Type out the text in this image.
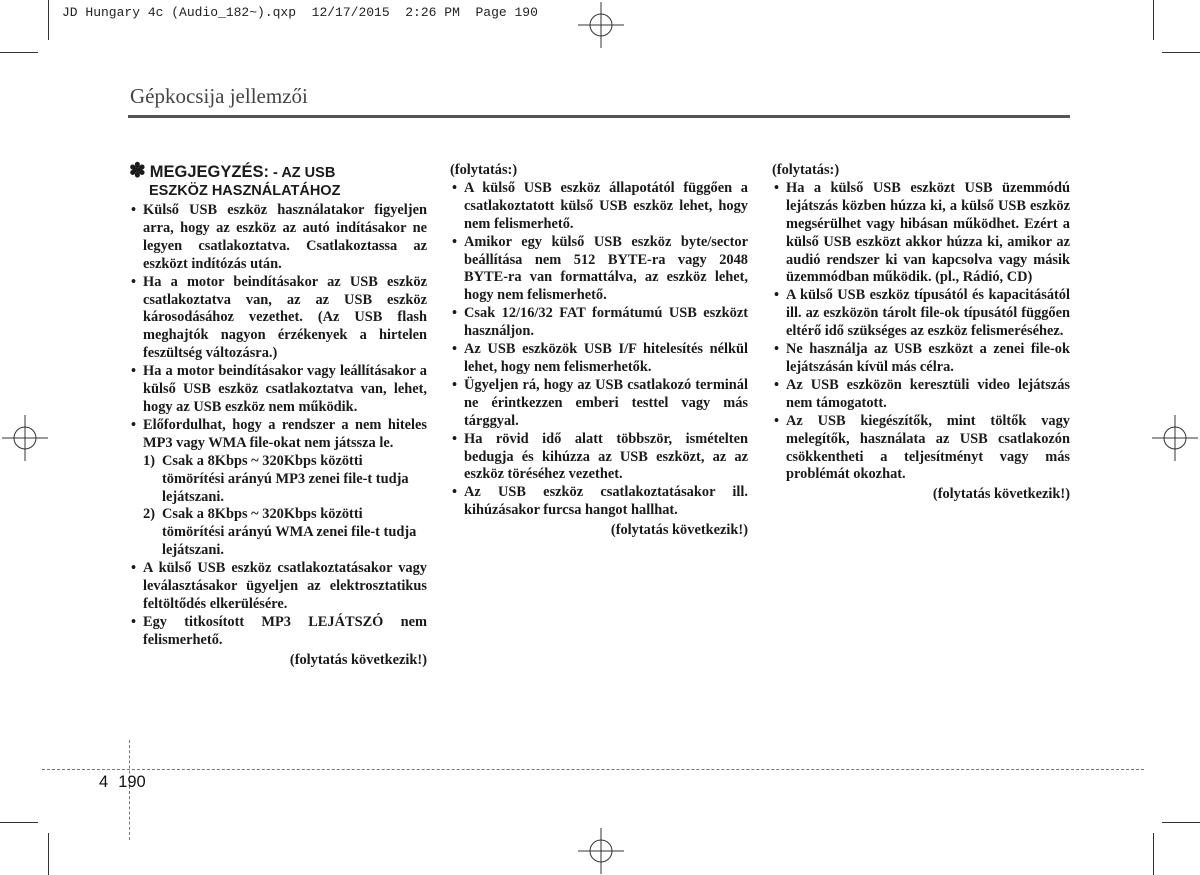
JD Hungary 4c (Audio_182~).qxp  12/17/2015  2:26 PM  Page 190
Gépkocsija jellemzői
✽ MEGJEGYZÉS: - AZ USB
ESZKÖZ HASZNÁLATÁHOZ
• Külső USB eszköz használatakor figyeljen arra, hogy az eszköz az autó indításakor ne legyen csatlakoztatva. Csatlakoztassa az eszközt indítózás után.
• Ha a motor beindításakor az USB eszköz csatlakoztatva van, az az USB eszköz károsodásához vezethet. (Az USB flash meghajtók nagyon érzékenyek a hirtelen feszültség változásra.)
• Ha a motor beindításakor vagy leállításakor a külső USB eszköz csatlakoztatva van, lehet, hogy az USB eszköz nem működik.
• Előfordulhat, hogy a rendszer a nem hiteles MP3 vagy WMA file-okat nem játssza le.
1) Csak a 8Kbps ~ 320Kbps közötti tömörítési arányú MP3 zenei file-t tudja lejátszani.
2) Csak a 8Kbps ~ 320Kbps közötti tömörítési arányú WMA zenei file-t tudja lejátszani.
• A külső USB eszköz csatlakoztatásakor vagy leválasztásakor ügyeljen az elektrosztatikus feltöltődés elkerülésére.
• Egy titkosított MP3 LEJÁTSZÓ nem felismerhető.
(folytatás következik!)
(folytatás:)
• A külső USB eszköz állapotától függően a csatlakoztatott külső USB eszköz lehet, hogy nem felismerhető.
• Amikor egy külső USB eszköz byte/sector beállítása nem 512 BYTE-ra vagy 2048 BYTE-ra van formattálva, az eszköz lehet, hogy nem felismerhető.
• Csak 12/16/32 FAT formátumú USB eszközt használjon.
• Az USB eszközök USB I/F hitelesítés nélkül lehet, hogy nem felismerhetők.
• Ügyeljen rá, hogy az USB csatlakozó terminál ne érintkezzen emberi testtel vagy más tárggyal.
• Ha rövid idő alatt többször, ismételten bedugja és kihúzza az USB eszközt, az az eszköz töréséhez vezethet.
• Az USB eszköz csatlakoztatásakor ill. kihúzásakor furcsa hangot hallhat.
(folytatás következik!)
(folytatás:)
• Ha a külső USB eszközt USB üzemmódú lejátszás közben húzza ki, a külső USB eszköz megsérülhet vagy hibásan működhet. Ezért a külső USB eszközt akkor húzza ki, amikor az audió rendszer ki van kapcsolva vagy másik üzemmódban működik. (pl., Rádió, CD)
• A külső USB eszköz típusától és kapacitásától ill. az eszközön tárolt file-ok típusától függően eltérő idő szükséges az eszköz felismeréséhez.
• Ne használja az USB eszközt a zenei file-ok lejátszásán kívül más célra.
• Az USB eszközön keresztüli video lejátszás nem támogatott.
• Az USB kiegészítők, mint töltők vagy melegítők, használata az USB csatlakozón csökkentheti a teljesítményt vagy más problémát okozhat.
(folytatás következik!)
4 190
